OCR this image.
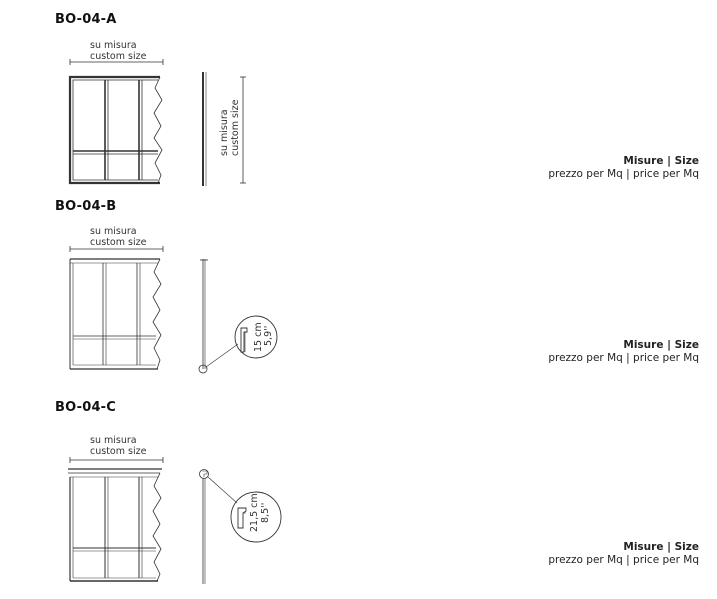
BO-04-A
su misura
custom size
su misura custom size
Misure | Size
prezzo per Mq | price per Mq
BO-04-B
su misura
custom size
15 cm 5,9''	Misure | Size
prezzo per Mq | price per Mq
BO-04-C
su misura
custom size
21,5 cm 8,5''
Misure | Size
prezzo per Mq | price per Mq
